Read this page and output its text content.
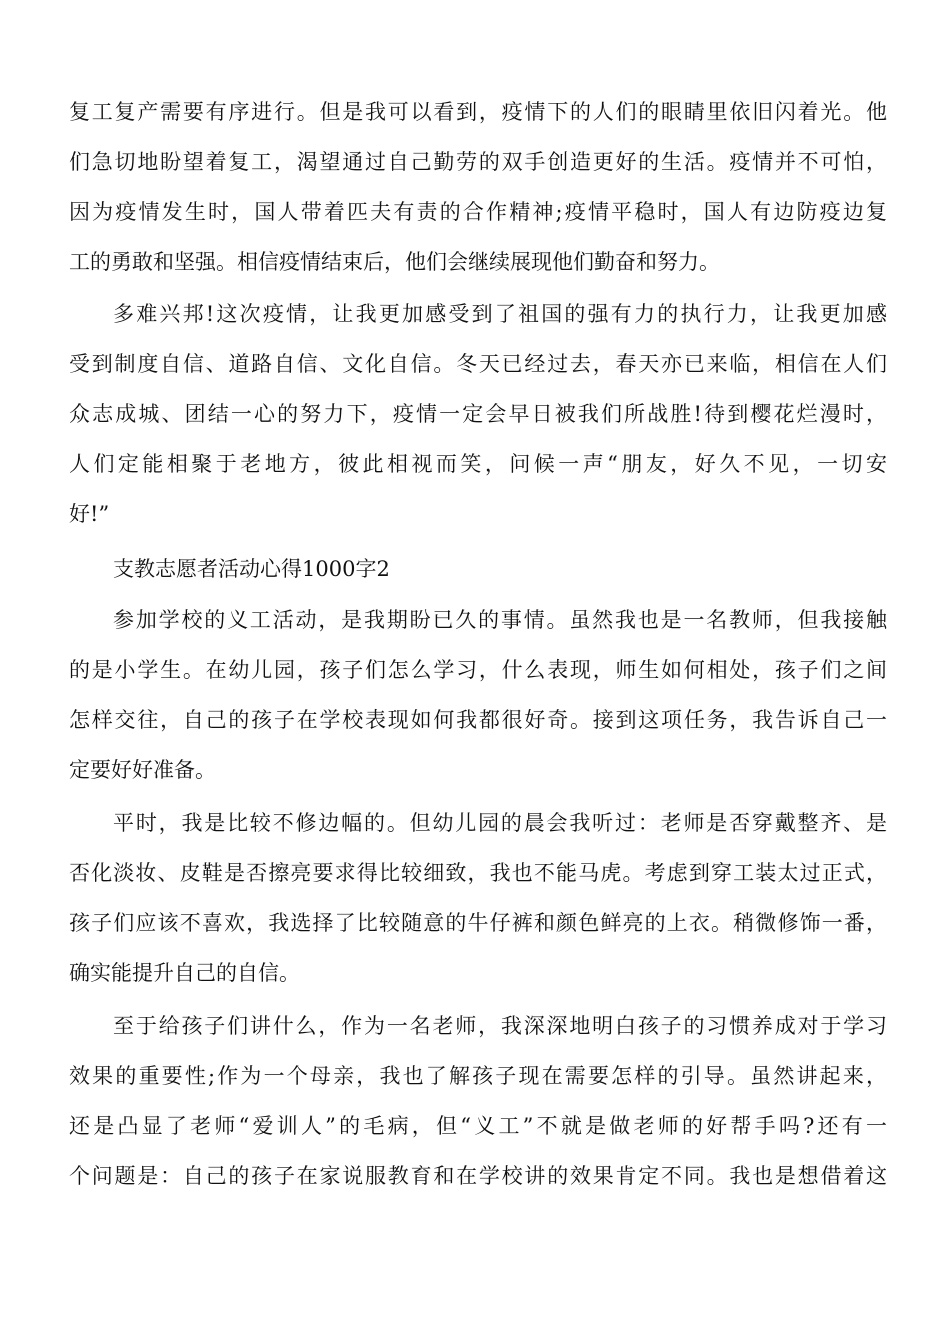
复工复产需要有序进行。但是我可以看到，疫情下的人们的眼睛里依旧闪着光。他
们急切地盼望着复工，渴望通过自己勤劳的双手创造更好的生活。疫情并不可怕，
因为疫情发生时，国人带着匹夫有责的合作精神;疫情平稳时，国人有边防疫边复
工的勇敢和坚强。相信疫情结束后，他们会继续展现他们勤奋和努力。
多难兴邦!这次疫情，让我更加感受到了祖国的强有力的执行力，让我更加感
受到制度自信、道路自信、文化自信。冬天已经过去，春天亦已来临，相信在人们
众志成城、团结一心的努力下，疫情一定会早日被我们所战胜!待到樱花烂漫时，
人们定能相聚于老地方，彼此相视而笑，问候一声“朋友，好久不见，一切安
好!”
支教志愿者活动心得1000字2
参加学校的义工活动，是我期盼已久的事情。虽然我也是一名教师，但我接触
的是小学生。在幼儿园，孩子们怎么学习，什么表现，师生如何相处，孩子们之间
怎样交往，自己的孩子在学校表现如何我都很好奇。接到这项任务，我告诉自己一
定要好好准备。
平时，我是比较不修边幅的。但幼儿园的晨会我听过：老师是否穿戴整齐、是
否化淡妆、皮鞋是否擦亮要求得比较细致，我也不能马虎。考虑到穿工装太过正式，
孩子们应该不喜欢，我选择了比较随意的牛仔裤和颜色鲜亮的上衣。稍微修饰一番，
确实能提升自己的自信。
至于给孩子们讲什么，作为一名老师，我深深地明白孩子的习惯养成对于学习
效果的重要性;作为一个母亲，我也了解孩子现在需要怎样的引导。虽然讲起来，
还是凸显了老师“爱训人”的毛病，但“义工”不就是做老师的好帮手吗?还有一
个问题是：自己的孩子在家说服教育和在学校讲的效果肯定不同。我也是想借着这
